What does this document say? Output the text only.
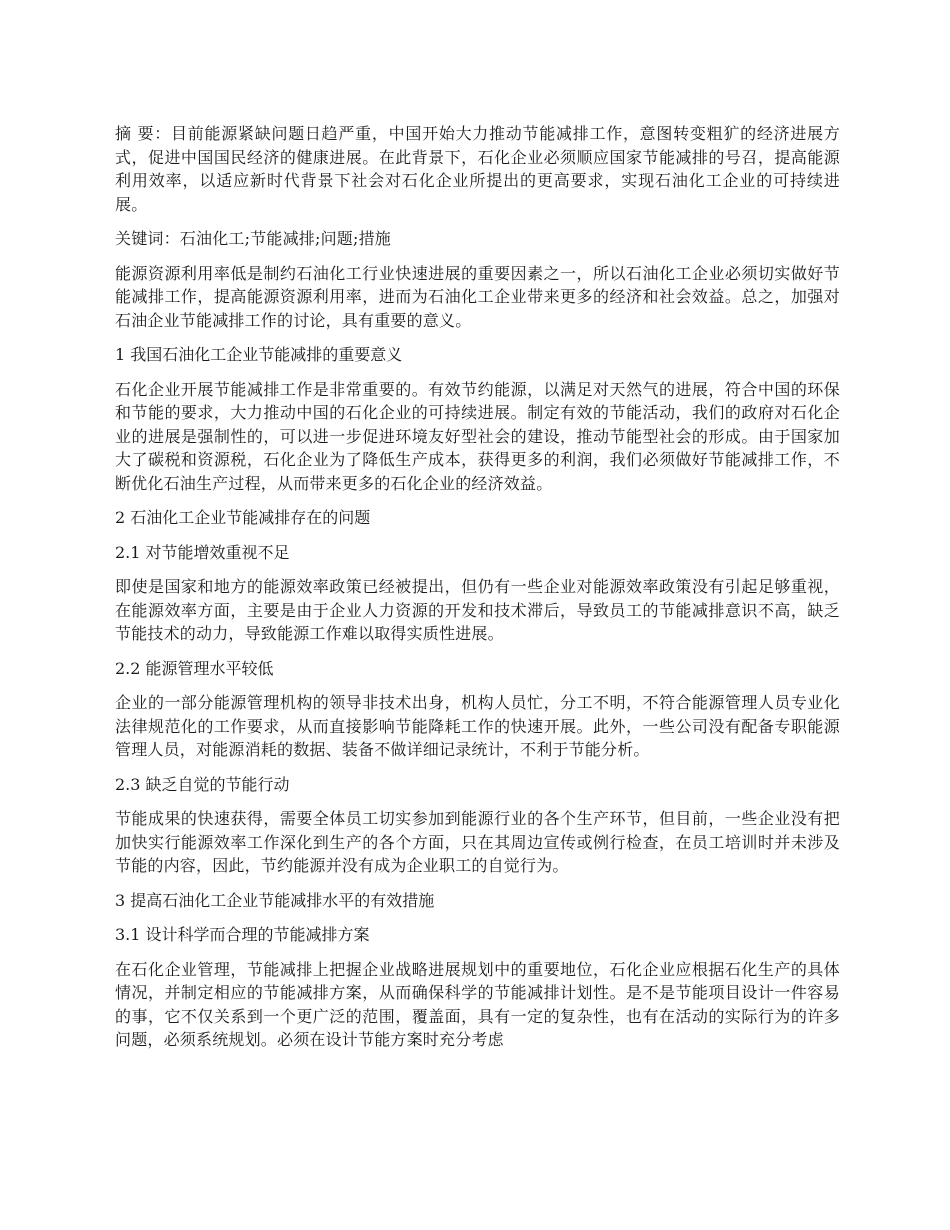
摘 要：目前能源紧缺问题日趋严重，中国开始大力推动节能减排工作，意图转变粗犷的经济进展方式，促进中国国民经济的健康进展。在此背景下，石化企业必须顺应国家节能减排的号召，提高能源利用效率，以适应新时代背景下社会对石化企业所提出的更高要求，实现石油化工企业的可持续进展。

关键词：石油化工;节能减排;问题;措施

能源资源利用率低是制约石油化工行业快速进展的重要因素之一，所以石油化工企业必须切实做好节能减排工作，提高能源资源利用率，进而为石油化工企业带来更多的经济和社会效益。总之，加强对石油企业节能减排工作的讨论，具有重要的意义。

1 我国石油化工企业节能减排的重要意义

石化企业开展节能减排工作是非常重要的。有效节约能源，以满足对天然气的进展，符合中国的环保和节能的要求，大力推动中国的石化企业的可持续进展。制定有效的节能活动，我们的政府对石化企业的进展是强制性的，可以进一步促进环境友好型社会的建设，推动节能型社会的形成。由于国家加大了碳税和资源税，石化企业为了降低生产成本，获得更多的利润，我们必须做好节能减排工作，不断优化石油生产过程，从而带来更多的石化企业的经济效益。

2 石油化工企业节能减排存在的问题
2.1 对节能增效重视不足

即使是国家和地方的能源效率政策已经被提出，但仍有一些企业对能源效率政策没有引起足够重视，在能源效率方面，主要是由于企业人力资源的开发和技术滞后，导致员工的节能减排意识不高，缺乏节能技术的动力，导致能源工作难以取得实质性进展。

2.2 能源管理水平较低

企业的一部分能源管理机构的领导非技术出身，机构人员忙，分工不明，不符合能源管理人员专业化法律规范化的工作要求，从而直接影响节能降耗工作的快速开展。此外，一些公司没有配备专职能源管理人员，对能源消耗的数据、装备不做详细记录统计，不利于节能分析。

2.3 缺乏自觉的节能行动

节能成果的快速获得，需要全体员工切实参加到能源行业的各个生产环节，但目前，一些企业没有把加快实行能源效率工作深化到生产的各个方面，只在其周边宣传或例行检查，在员工培训时并未涉及节能的内容，因此，节约能源并没有成为企业职工的自觉行为。

3 提高石油化工企业节能减排水平的有效措施
3.1 设计科学而合理的节能减排方案

在石化企业管理，节能减排上把握企业战略进展规划中的重要地位，石化企业应根据石化生产的具体情况，并制定相应的节能减排方案，从而确保科学的节能减排计划性。是不是节能项目设计一件容易的事，它不仅关系到一个更广泛的范围，覆盖面，具有一定的复杂性，也有在活动的实际行为的许多问题，必须系统规划。必须在设计节能方案时充分考虑
